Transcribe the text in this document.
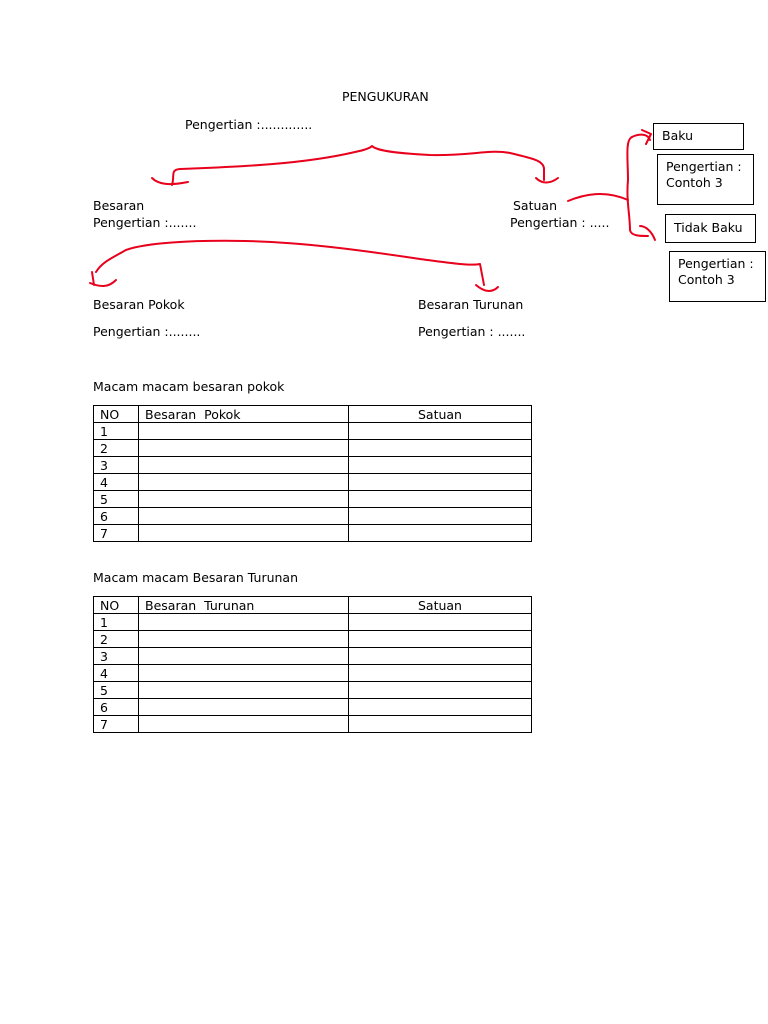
PENGUKURAN
Pengertian :.............
Besaran
Pengertian :.......
Satuan
Pengertian : .....
Besaran Pokok
Pengertian :........
Besaran Turunan
Pengertian : .......
Baku
Pengertian :
Contoh 3
Tidak Baku
Pengertian :
Contoh 3
Macam macam besaran pokok
NO	Besaran  Pokok	Satuan
1		
2		
3		
4		
5		
6		
7		
Macam macam Besaran Turunan
NO	Besaran  Turunan	Satuan
1		
2		
3		
4		
5		
6		
7		
